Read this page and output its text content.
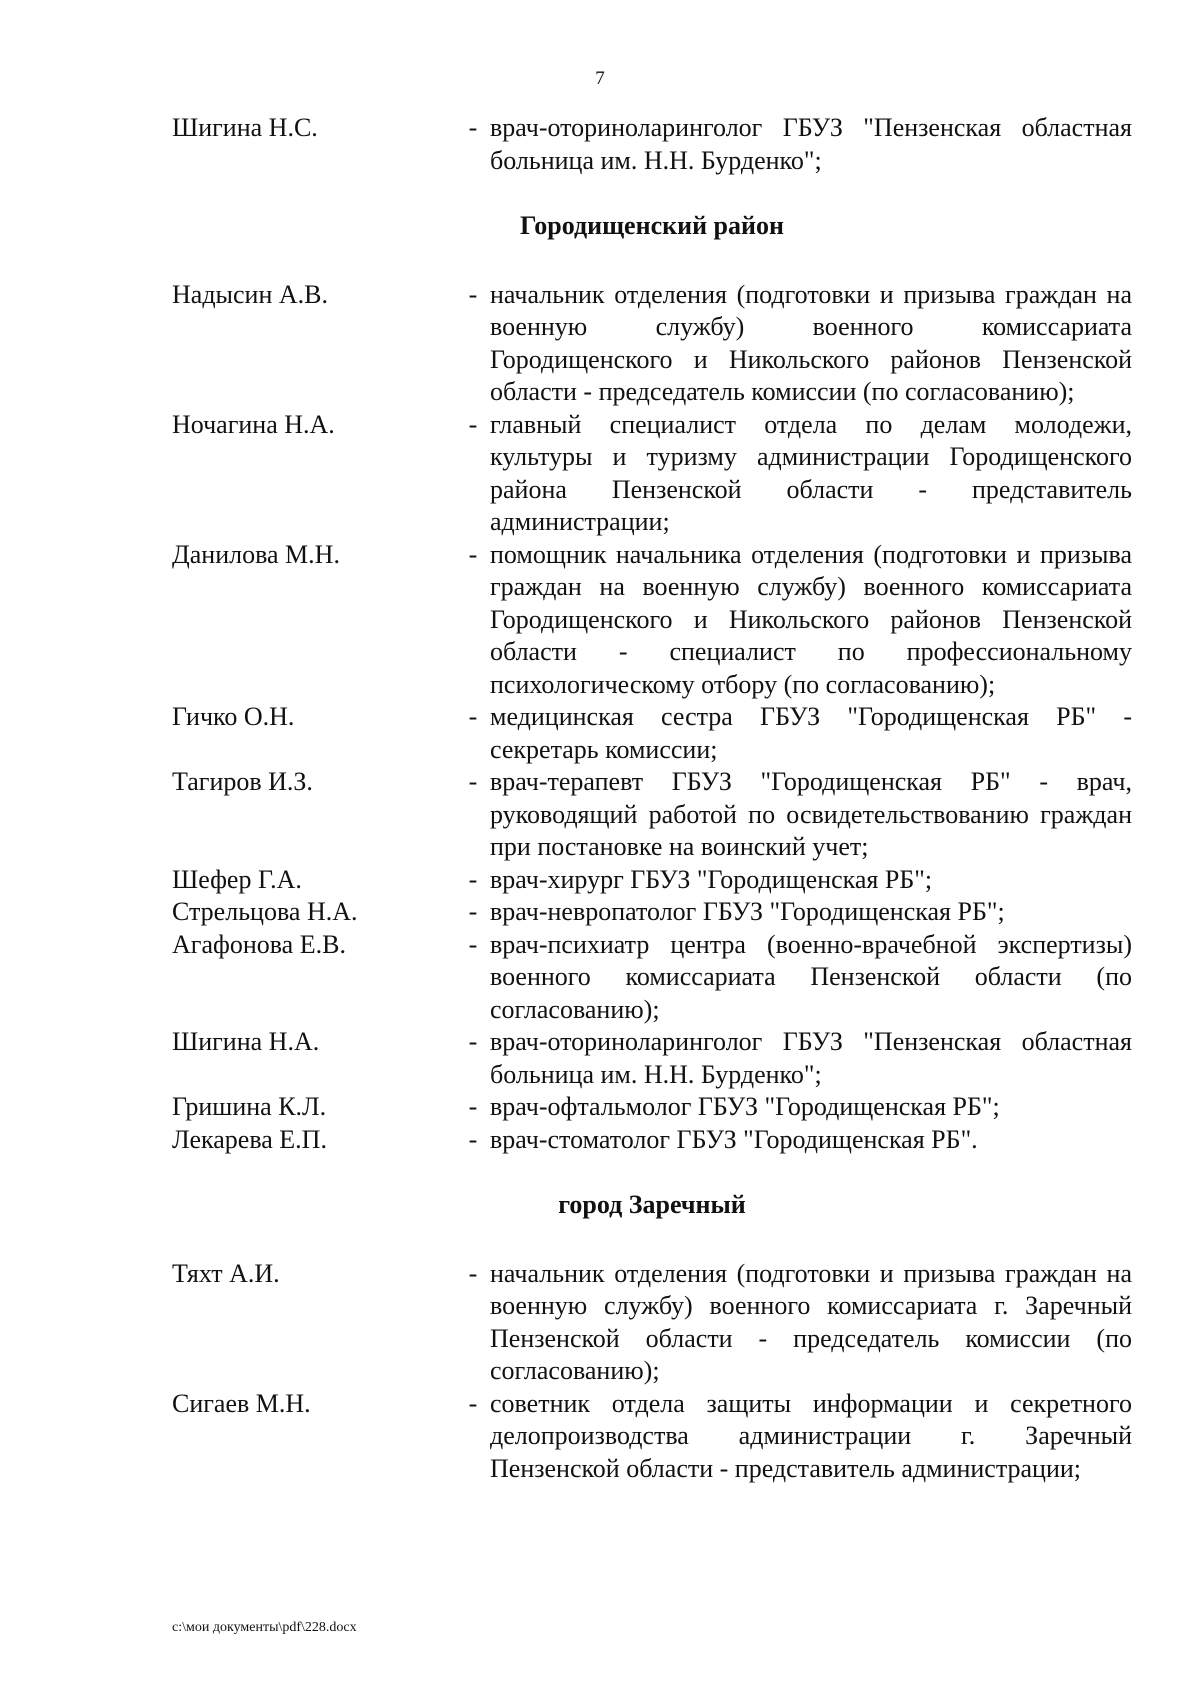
7
Шигина Н.С.	- врач-оториноларинголог ГБУЗ "Пензенская областная больница им. Н.Н. Бурденко";
Городищенский район
Надысин А.В.	- начальник отделения (подготовки и призыва граждан на военную службу) военного комиссариата Городищенского и Никольского районов Пензенской области - председатель комиссии (по согласованию);
Ночагина Н.А.	- главный специалист отдела по делам молодежи, культуры и туризму администрации Городищенского района Пензенской области - представитель администрации;
Данилова М.Н.	- помощник начальника отделения (подготовки и призыва граждан на военную службу) военного комиссариата Городищенского и Никольского районов Пензенской области - специалист по профессиональному психологическому отбору (по согласованию);
Гичко О.Н.	- медицинская сестра ГБУЗ "Городищенская РБ" - секретарь комиссии;
Тагиров И.З.	- врач-терапевт ГБУЗ "Городищенская РБ" - врач, руководящий работой по освидетельствованию граждан при постановке на воинский учет;
Шефер Г.А.	- врач-хирург ГБУЗ "Городищенская РБ";
Стрельцова Н.А.	- врач-невропатолог ГБУЗ "Городищенская РБ";
Агафонова Е.В.	- врач-психиатр центра (военно-врачебной экспертизы) военного комиссариата Пензенской области (по согласованию);
Шигина Н.А.	- врач-оториноларинголог ГБУЗ "Пензенская областная больница им. Н.Н. Бурденко";
Гришина К.Л.	- врач-офтальмолог ГБУЗ "Городищенская РБ";
Лекарева Е.П.	- врач-стоматолог ГБУЗ "Городищенская РБ".
город Заречный
Тяхт А.И.	- начальник отделения (подготовки и призыва граждан на военную службу) военного комиссариата г. Заречный Пензенской области - председатель комиссии (по согласованию);
Сигаев М.Н.	- советник отдела защиты информации и секретного делопроизводства администрации г. Заречный Пензенской области - представитель администрации;
c:\мои документы\pdf\228.docx
